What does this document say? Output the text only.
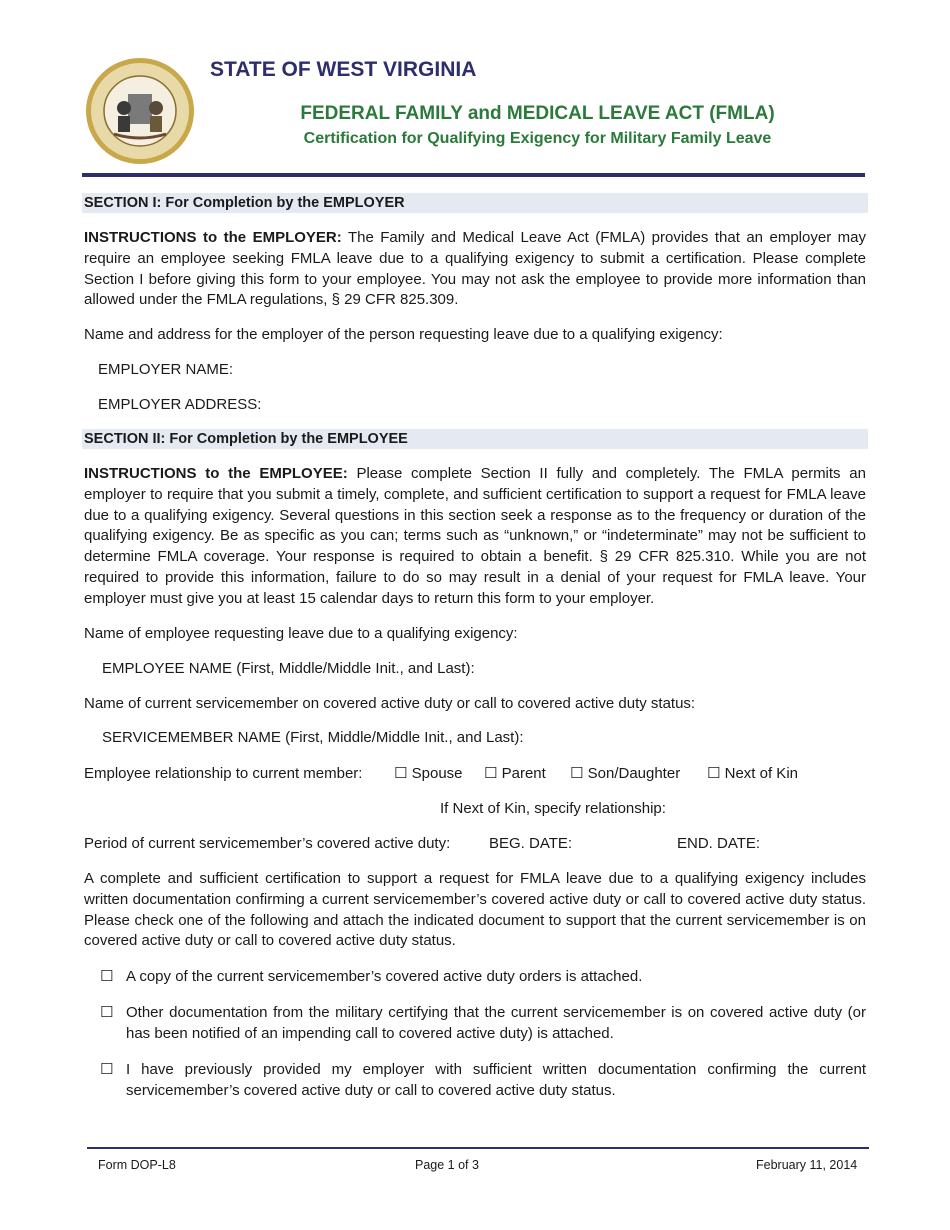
STATE OF WEST VIRGINIA
FEDERAL FAMILY and MEDICAL LEAVE ACT (FMLA)
Certification for Qualifying Exigency for Military Family Leave
SECTION I: For Completion by the EMPLOYER
INSTRUCTIONS to the EMPLOYER: The Family and Medical Leave Act (FMLA) provides that an employer may require an employee seeking FMLA leave due to a qualifying exigency to submit a certification. Please complete Section I before giving this form to your employee. You may not ask the employee to provide more information than allowed under the FMLA regulations, § 29 CFR 825.309.
Name and address for the employer of the person requesting leave due to a qualifying exigency:
EMPLOYER NAME:
EMPLOYER ADDRESS:
SECTION II: For Completion by the EMPLOYEE
INSTRUCTIONS to the EMPLOYEE: Please complete Section II fully and completely. The FMLA permits an employer to require that you submit a timely, complete, and sufficient certification to support a request for FMLA leave due to a qualifying exigency. Several questions in this section seek a response as to the frequency or duration of the qualifying exigency. Be as specific as you can; terms such as “unknown,” or “indeterminate” may not be sufficient to determine FMLA coverage. Your response is required to obtain a benefit. § 29 CFR 825.310. While you are not required to provide this information, failure to do so may result in a denial of your request for FMLA leave. Your employer must give you at least 15 calendar days to return this form to your employer.
Name of employee requesting leave due to a qualifying exigency:
EMPLOYEE NAME (First, Middle/Middle Init., and Last):
Name of current servicemember on covered active duty or call to covered active duty status:
SERVICEMEMBER NAME (First, Middle/Middle Init., and Last):
Employee relationship to current member: ☐ Spouse ☐ Parent ☐ Son/Daughter ☐ Next of Kin
If Next of Kin, specify relationship:
Period of current servicemember’s covered active duty:	BEG. DATE:	END. DATE:
A complete and sufficient certification to support a request for FMLA leave due to a qualifying exigency includes written documentation confirming a current servicemember’s covered active duty or call to covered active duty status. Please check one of the following and attach the indicated document to support that the current servicemember is on covered active duty or call to covered active duty status.
☐ A copy of the current servicemember’s covered active duty orders is attached.
☐ Other documentation from the military certifying that the current servicemember is on covered active duty (or has been notified of an impending call to covered active duty) is attached.
☐ I have previously provided my employer with sufficient written documentation confirming the current servicemember’s covered active duty or call to covered active duty status.
Form DOP-L8	Page 1 of 3	February 11, 2014
